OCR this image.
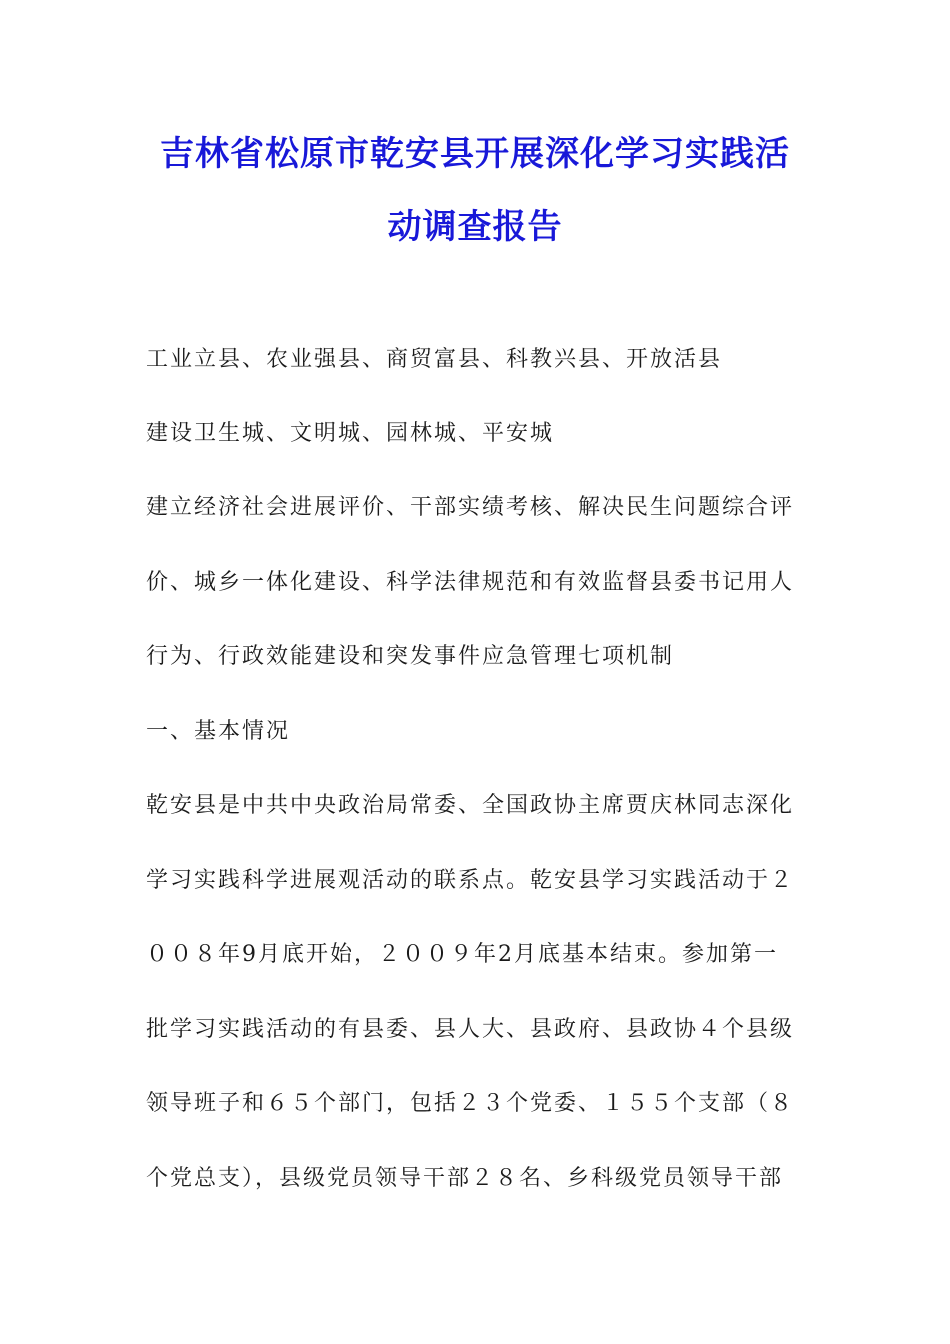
吉林省松原市乾安县开展深化学习实践活
动调查报告
工业立县、农业强县、商贸富县、科教兴县、开放活县
建设卫生城、文明城、园林城、平安城
建立经济社会进展评价、干部实绩考核、解决民生问题综合评
价、城乡一体化建设、科学法律规范和有效监督县委书记用人
行为、行政效能建设和突发事件应急管理七项机制
一、基本情况
乾安县是中共中央政治局常委、全国政协主席贾庆林同志深化
学习实践科学进展观活动的联系点。乾安县学习实践活动于２
００８年9月底开始，２００９年2月底基本结束。参加第一
批学习实践活动的有县委、县人大、县政府、县政协４个县级
领导班子和６５个部门，包括２３个党委、１５５个支部（８
个党总支），县级党员领导干部２８名、乡科级党员领导干部
